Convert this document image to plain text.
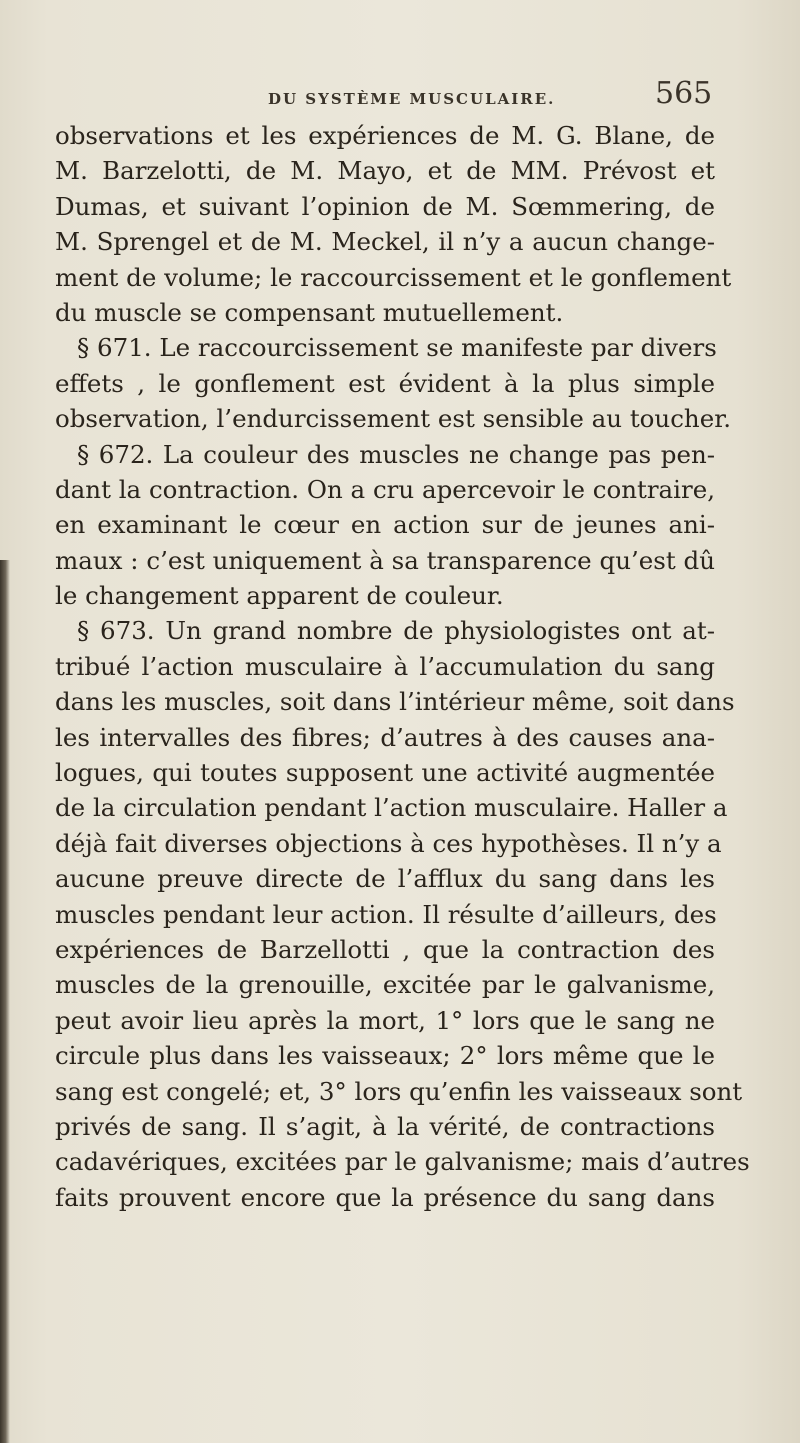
DU SYSTÈME MUSCULAIRE.	565
observations et les expériences de M. G. Blane, de
M. Barzelotti, de M. Mayo, et de MM. Prévost et
Dumas, et suivant l’opinion de M. Sœmmering, de
M. Sprengel et de M. Meckel, il n’y a aucun change-
ment de volume; le raccourcissement et le gonflement
du muscle se compensant mutuellement.
§ 671. Le raccourcissement se manifeste par divers
effets , le gonflement est évident à la plus simple
observation, l’endurcissement est sensible au toucher.
§ 672. La couleur des muscles ne change pas pen-
dant la contraction. On a cru apercevoir le contraire,
en examinant le cœur en action sur de jeunes ani-
maux : c’est uniquement à sa transparence qu’est dû
le changement apparent de couleur.
§ 673. Un grand nombre de physiologistes ont at-
tribué l’action musculaire à l’accumulation du sang
dans les muscles, soit dans l’intérieur même, soit dans
les intervalles des fibres; d’autres à des causes ana-
logues, qui toutes supposent une activité augmentée
de la circulation pendant l’action musculaire. Haller a
déjà fait diverses objections à ces hypothèses. Il n’y a
aucune preuve directe de l’afflux du sang dans les
muscles pendant leur action. Il résulte d’ailleurs, des
expériences de Barzellotti , que la contraction des
muscles de la grenouille, excitée par le galvanisme,
peut avoir lieu après la mort, 1° lors que le sang ne
circule plus dans les vaisseaux; 2° lors même que le
sang est congelé; et, 3° lors qu’enfin les vaisseaux sont
privés de sang. Il s’agit, à la vérité, de contractions
cadavériques, excitées par le galvanisme; mais d’autres
faits prouvent encore que la présence du sang dans
